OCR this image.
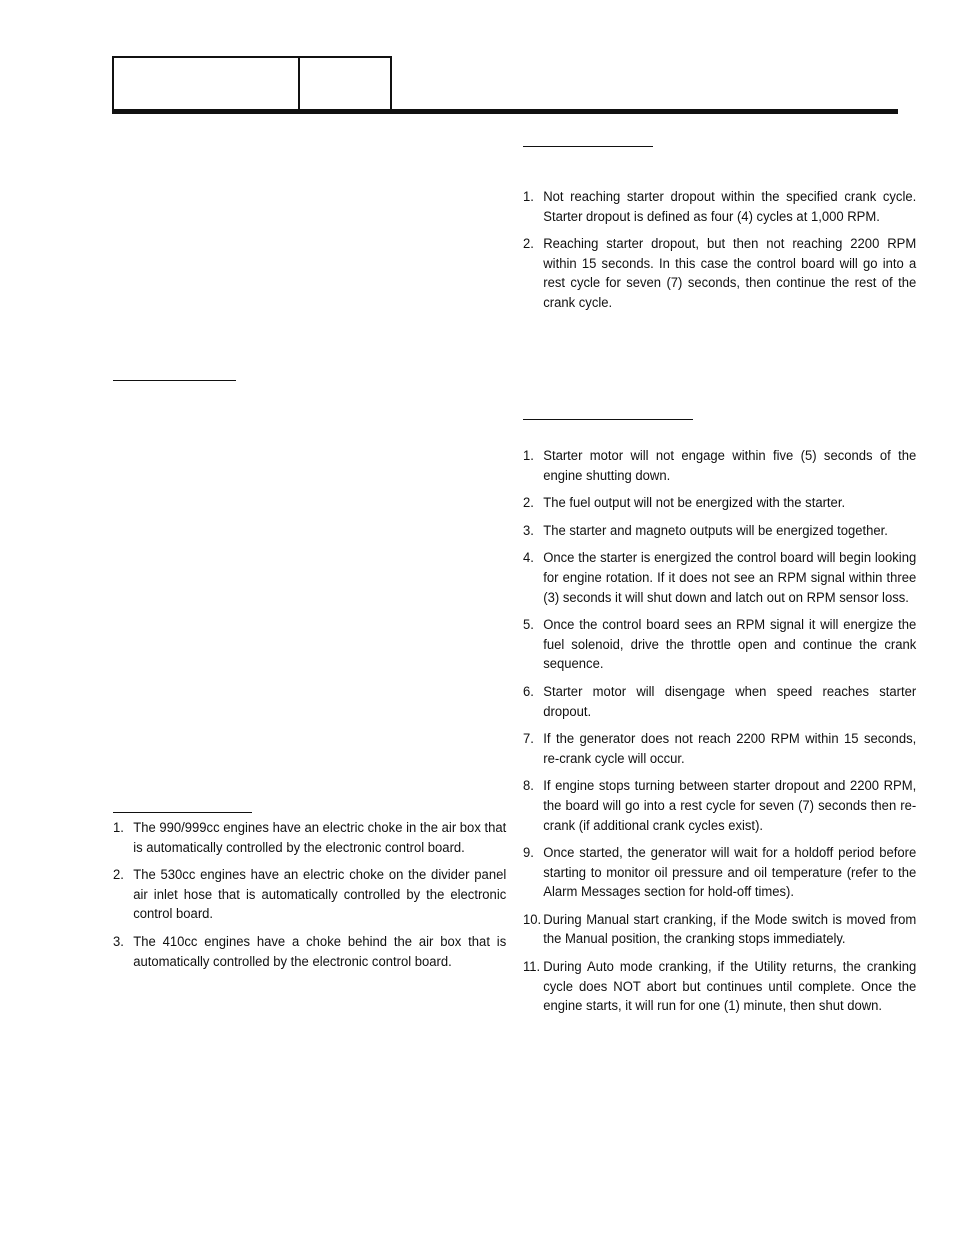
1. The 990/999cc engines have an electric choke in the air box that is automatically controlled by the electronic control board.
2. The 530cc engines have an electric choke on the divider panel air inlet hose that is automatically controlled by the electronic control board.
3. The 410cc engines have a choke behind the air box that is automatically controlled by the electronic control board.
1. Not reaching starter dropout within the specified crank cycle. Starter dropout is defined as four (4) cycles at 1,000 RPM.
2. Reaching starter dropout, but then not reaching 2200 RPM within 15 seconds. In this case the control board will go into a rest cycle for seven (7) seconds, then continue the rest of the crank cycle.
1. Starter motor will not engage within five (5) seconds of the engine shutting down.
2. The fuel output will not be energized with the starter.
3. The starter and magneto outputs will be energized together.
4. Once the starter is energized the control board will begin looking for engine rotation. If it does not see an RPM signal within three (3) seconds it will shut down and latch out on RPM sensor loss.
5. Once the control board sees an RPM signal it will energize the fuel solenoid, drive the throttle open and continue the crank sequence.
6. Starter motor will disengage when speed reaches starter dropout.
7. If the generator does not reach 2200 RPM within 15 seconds, re-crank cycle will occur.
8. If engine stops turning between starter dropout and 2200 RPM, the board will go into a rest cycle for seven (7) seconds then re-crank (if additional crank cycles exist).
9. Once started, the generator will wait for a holdoff period before starting to monitor oil pressure and oil temperature (refer to the Alarm Messages section for hold-off times).
10. During Manual start cranking, if the Mode switch is moved from the Manual position, the cranking stops immediately.
11. During Auto mode cranking, if the Utility returns, the cranking cycle does NOT abort but continues until complete. Once the engine starts, it will run for one (1) minute, then shut down.
